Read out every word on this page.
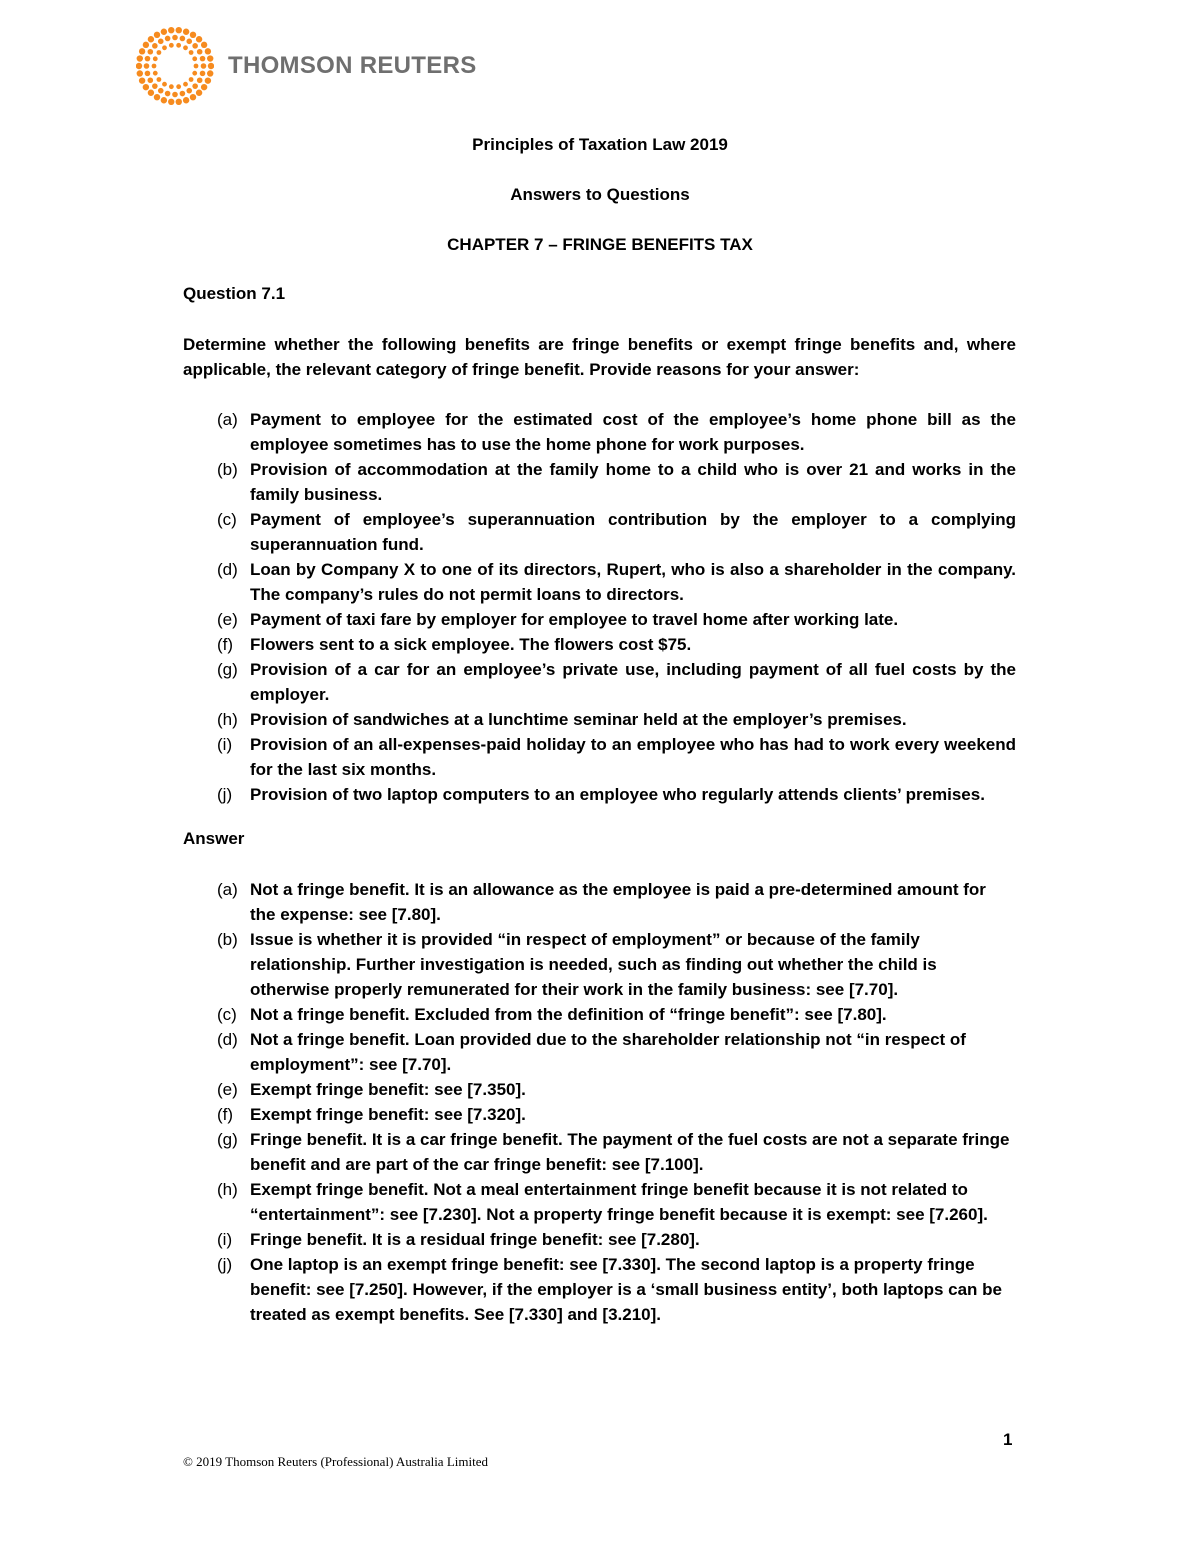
THOMSON REUTERS
Principles of Taxation Law 2019
Answers to Questions
CHAPTER 7 – FRINGE BENEFITS TAX
Question 7.1
Determine whether the following benefits are fringe benefits or exempt fringe benefits and, where applicable, the relevant category of fringe benefit. Provide reasons for your answer:
(a) Payment to employee for the estimated cost of the employee’s home phone bill as the employee sometimes has to use the home phone for work purposes.
(b) Provision of accommodation at the family home to a child who is over 21 and works in the family business.
(c) Payment of employee’s superannuation contribution by the employer to a complying superannuation fund.
(d) Loan by Company X to one of its directors, Rupert, who is also a shareholder in the company. The company’s rules do not permit loans to directors.
(e) Payment of taxi fare by employer for employee to travel home after working late.
(f) Flowers sent to a sick employee. The flowers cost $75.
(g) Provision of a car for an employee’s private use, including payment of all fuel costs by the employer.
(h) Provision of sandwiches at a lunchtime seminar held at the employer’s premises.
(i) Provision of an all-expenses-paid holiday to an employee who has had to work every weekend for the last six months.
(j) Provision of two laptop computers to an employee who regularly attends clients’ premises.
Answer
(a) Not a fringe benefit. It is an allowance as the employee is paid a pre-determined amount for the expense: see [7.80].
(b) Issue is whether it is provided “in respect of employment” or because of the family relationship. Further investigation is needed, such as finding out whether the child is otherwise properly remunerated for their work in the family business: see [7.70].
(c) Not a fringe benefit. Excluded from the definition of “fringe benefit”: see [7.80].
(d) Not a fringe benefit. Loan provided due to the shareholder relationship not “in respect of employment”: see [7.70].
(e) Exempt fringe benefit: see [7.350].
(f) Exempt fringe benefit: see [7.320].
(g) Fringe benefit. It is a car fringe benefit. The payment of the fuel costs are not a separate fringe benefit and are part of the car fringe benefit: see [7.100].
(h) Exempt fringe benefit. Not a meal entertainment fringe benefit because it is not related to “entertainment”: see [7.230]. Not a property fringe benefit because it is exempt: see [7.260].
(i) Fringe benefit. It is a residual fringe benefit: see [7.280].
(j) One laptop is an exempt fringe benefit: see [7.330]. The second laptop is a property fringe benefit: see [7.250]. However, if the employer is a ‘small business entity’, both laptops can be treated as exempt benefits. See [7.330] and [3.210].
1
© 2019 Thomson Reuters (Professional) Australia Limited
